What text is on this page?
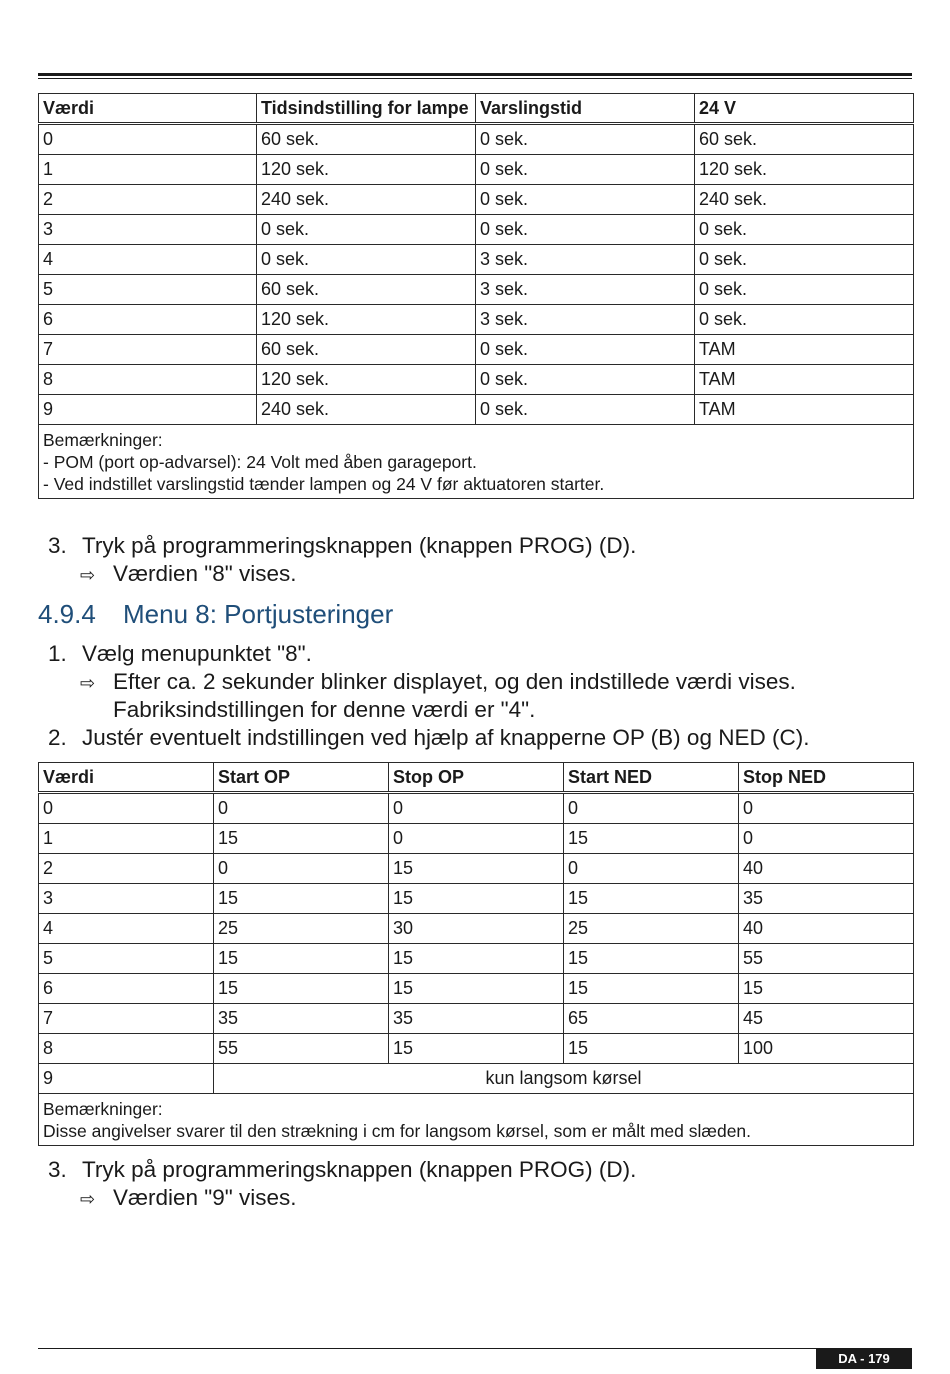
Værdi	Tidsindstilling for lampe	Varslingstid	24 V
0	60 sek.	0 sek.	60 sek.
1	120 sek.	0 sek.	120 sek.
2	240 sek.	0 sek.	240 sek.
3	0 sek.	0 sek.	0 sek.
4	0 sek.	3 sek.	0 sek.
5	60 sek.	3 sek.	0 sek.
6	120 sek.	3 sek.	0 sek.
7	60 sek.	0 sek.	TAM
8	120 sek.	0 sek.	TAM
9	240 sek.	0 sek.	TAM

Bemærkninger:
- POM (port op-advarsel): 24 Volt med åben garageport.
- Ved indstillet varslingstid tænder lampen og 24 V før aktuatoren starter.			
3. Tryk på programmeringsknappen (knappen PROG) (D).
⇨ Værdien "8" vises.
4.9.4 Menu 8: Portjusteringer
1. Vælg menupunktet "8".
⇨ Efter ca. 2 sekunder blinker displayet, og den indstillede værdi vises.
Fabriksindstillingen for denne værdi er "4".
2. Justér eventuelt indstillingen ved hjælp af knapperne OP (B) og NED (C).
Værdi	Start OP	Stop OP	Start NED	Stop NED
0	0	0	0	0
1	15	0	15	0
2	0	15	0	40
3	15	15	15	35
4	25	30	25	40
5	15	15	15	55
6	15	15	15	15
7	35	35	65	45
8	55	15	15	100
9	kun langsom kørsel			

Bemærkninger:
Disse angivelser svarer til den strækning i cm for langsom kørsel, som er målt med slæden.				
3. Tryk på programmeringsknappen (knappen PROG) (D).
⇨ Værdien "9" vises.
DA - 179
